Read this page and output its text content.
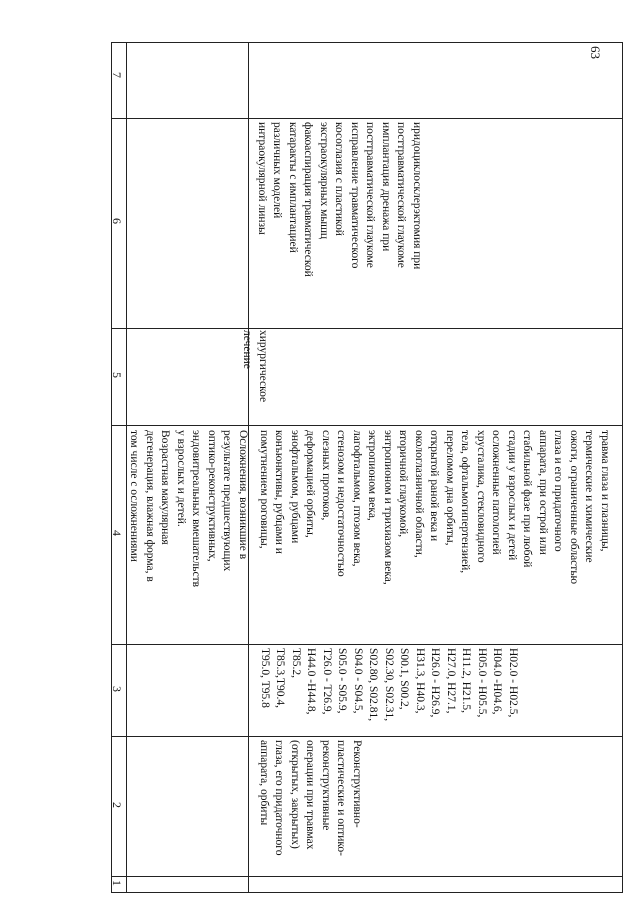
63
1
2
3
4
5
6
7
Осложнения, возникшие в
результате предшествующих
оптико-реконструктивных,
эндовитреальных вмешательств
у взрослых и детей.
Возрастная макулярная
дегенерация, влажная форма, в
том числе с осложнениями
Реконструктивно-
пластические и оптико-
реконструктивные
операции при травмах
(открытых, закрытых)
глаза, его придаточного
аппарата, орбиты
H02.0 - H02.5,
H04.0 -H04.6,
H05.0 - H05.5,
H11.2, H21.5,
H27.0, H27.1,
H26.0 - H26.9,
H31.3, H40.3,
S00.1, S00.2,
S02.30, S02.31,
S02.80, S02.81,
S04.0 - S04.5,
S05.0 - S05.9,
T26.0 - T26.9,
H44.0 -H44.8,
T85.2,
T85.3,T90.4,
T95.0, T95.8
травма глаза и глазницы,
термические и химические
ожоги, ограниченные областью
глаза и его придаточного
аппарата, при острой или
стабильной фазе при любой
стадии у взрослых и детей
осложненные патологией
хрусталика, стекловидного
тела, офтальмогипертензией,
переломом дна орбиты,
открытой раной века и
окологлазничной области,
вторичной глаукомой,
энтропионом и трихиазом века,
эктропионом века,
лагофтальмом, птозом века,
стенозом и недостаточностью
слезных протоков,
деформацией орбиты,
энофтальмом, рубцами
конъюнктивы, рубцами и
помутнением роговицы,
хирургическое
лечение
иридоциклосклерэктомия при
посттравматической глаукоме
имплантация дренажа при
посттравматической глаукоме
исправление травматического
косоглазия с пластикой
экстраокулярных мышц
факоаспирация травматической
катаракты с имплантацией
различных моделей
интраокулярной линзы
